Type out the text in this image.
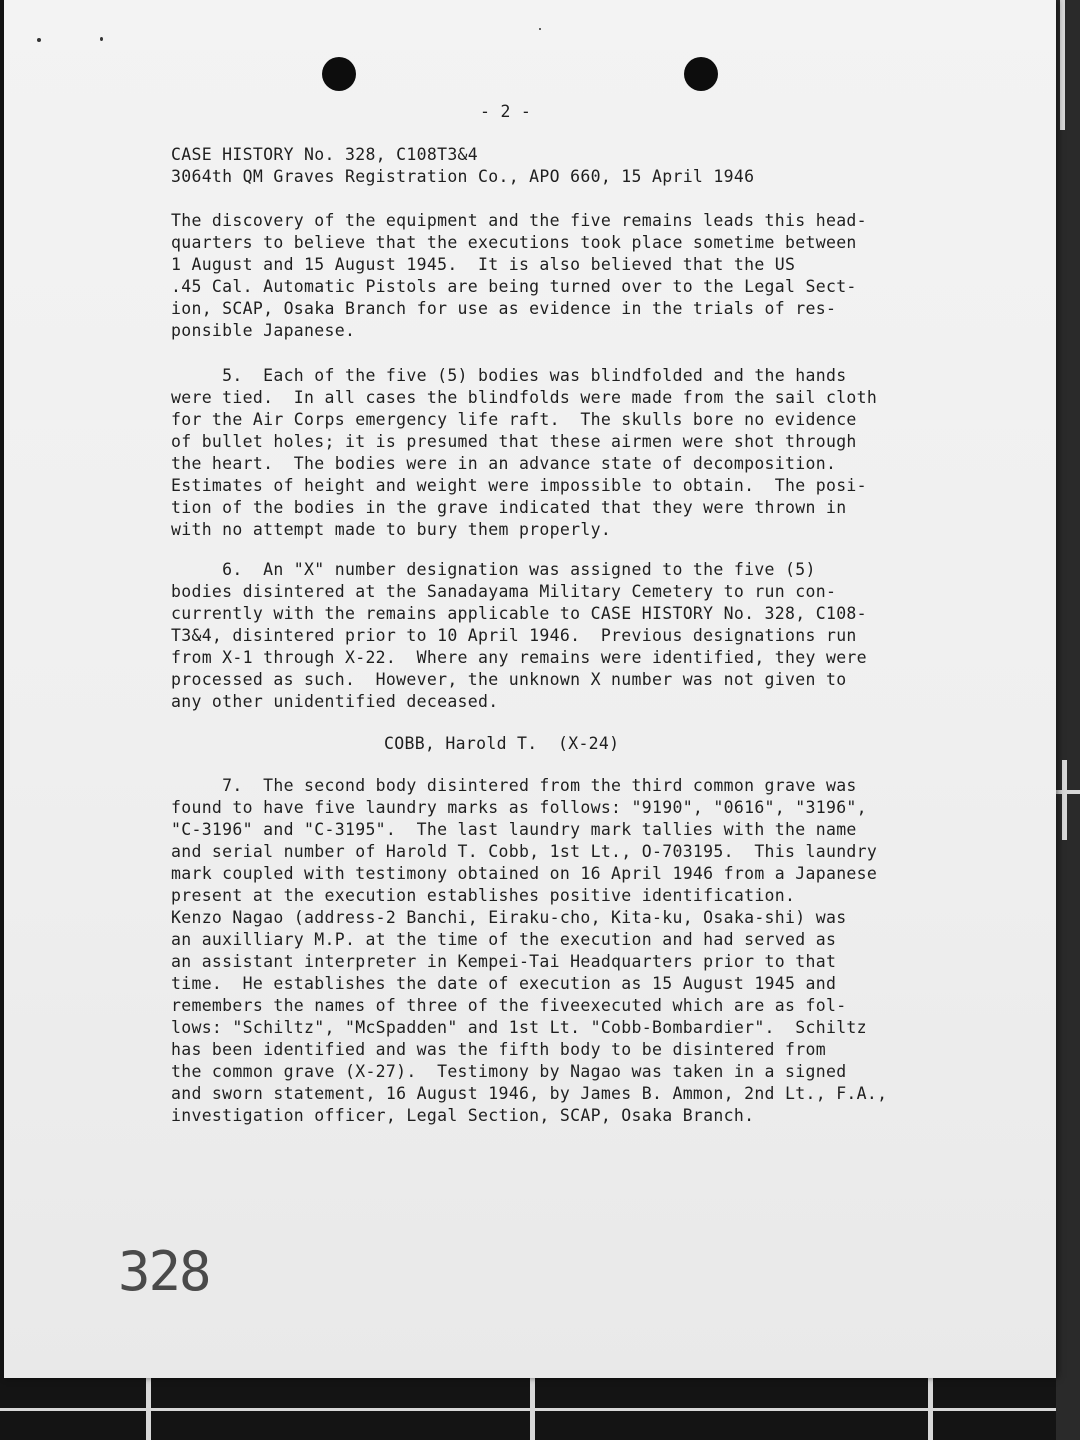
- 2 -
CASE HISTORY No. 328, C108T3&4
3064th QM Graves Registration Co., APO 660, 15 April 1946
The discovery of the equipment and the five remains leads this head-
quarters to believe that the executions took place sometime between
1 August and 15 August 1945.  It is also believed that the US
.45 Cal. Automatic Pistols are being turned over to the Legal Sect-
ion, SCAP, Osaka Branch for use as evidence in the trials of res-
ponsible Japanese.
5.  Each of the five (5) bodies was blindfolded and the hands
were tied.  In all cases the blindfolds were made from the sail cloth
for the Air Corps emergency life raft.  The skulls bore no evidence
of bullet holes; it is presumed that these airmen were shot through
the heart.  The bodies were in an advance state of decomposition.
Estimates of height and weight were impossible to obtain.  The posi-
tion of the bodies in the grave indicated that they were thrown in
with no attempt made to bury them properly.
6.  An "X" number designation was assigned to the five (5)
bodies disintered at the Sanadayama Military Cemetery to run con-
currently with the remains applicable to CASE HISTORY No. 328, C108-
T3&4, disintered prior to 10 April 1946.  Previous designations run
from X-1 through X-22.  Where any remains were identified, they were
processed as such.  However, the unknown X number was not given to
any other unidentified deceased.
COBB, Harold T.  (X-24)
7.  The second body disintered from the third common grave was
found to have five laundry marks as follows: "9190", "0616", "3196",
"C-3196" and "C-3195".  The last laundry mark tallies with the name
and serial number of Harold T. Cobb, 1st Lt., O-703195.  This laundry
mark coupled with testimony obtained on 16 April 1946 from a Japanese
present at the execution establishes positive identification.
Kenzo Nagao (address-2 Banchi, Eiraku-cho, Kita-ku, Osaka-shi) was
an auxilliary M.P. at the time of the execution and had served as
an assistant interpreter in Kempei-Tai Headquarters prior to that
time.  He establishes the date of execution as 15 August 1945 and
remembers the names of three of the fiveexecuted which are as fol-
lows: "Schiltz", "McSpadden" and 1st Lt. "Cobb-Bombardier".  Schiltz
has been identified and was the fifth body to be disintered from
the common grave (X-27).  Testimony by Nagao was taken in a signed
and sworn statement, 16 August 1946, by James B. Ammon, 2nd Lt., F.A.,
investigation officer, Legal Section, SCAP, Osaka Branch.
328
